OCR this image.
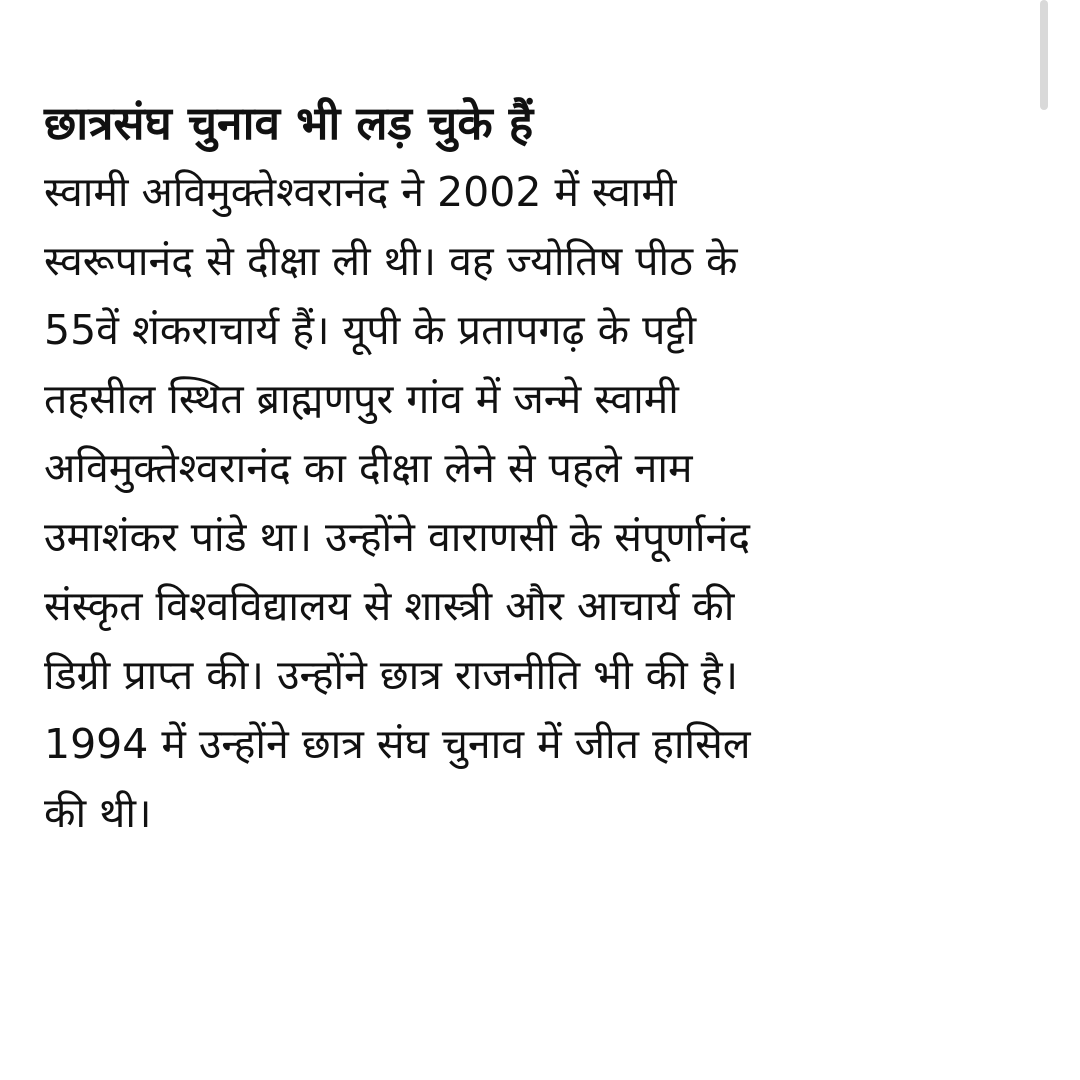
छात्रसंघ चुनाव भी लड़ चुके हैं

स्वामी अविमुक्तेश्वरानंद ने 2002 में स्वामी

स्वरूपानंद से दीक्षा ली थी। वह ज्योतिष पीठ के

55वें शंकराचार्य हैं। यूपी के प्रतापगढ़ के पट्टी

तहसील स्थित ब्राह्मणपुर गांव में जन्मे स्वामी

अविमुक्तेश्वरानंद का दीक्षा लेने से पहले नाम

उमाशंकर पांडे था। उन्होंने वाराणसी के संपूर्णानंद

संस्कृत विश्वविद्यालय से शास्त्री और आचार्य की

डिग्री प्राप्त की। उन्होंने छात्र राजनीति भी की है।

1994 में उन्होंने छात्र संघ चुनाव में जीत हासिल

की थी।
